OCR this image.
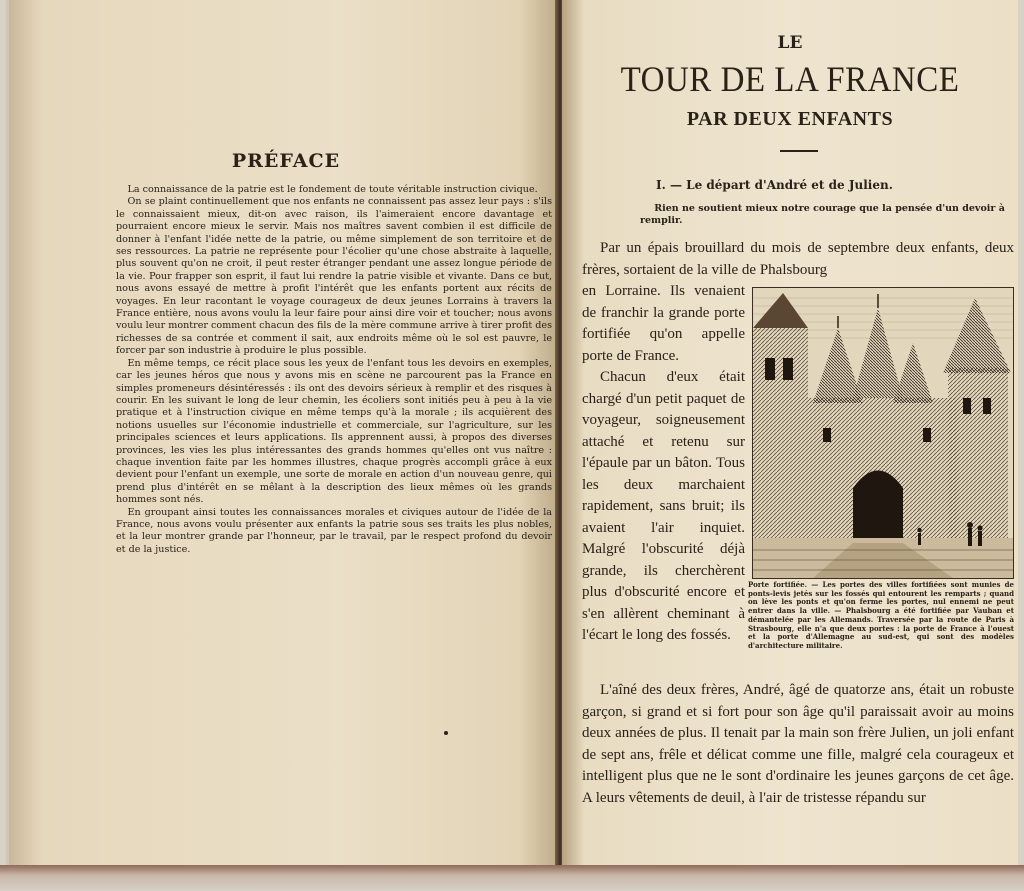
PRÉFACE

La connaissance de la patrie est le fondement de toute véritable instruction civique.

On se plaint continuellement que nos enfants ne connaissent pas assez leur pays : s'ils le connaissaient mieux, dit-on avec raison, ils l'aimeraient encore davantage et pourraient encore mieux le servir. Mais nos maîtres savent combien il est difficile de donner à l'enfant l'idée nette de la patrie, ou même simplement de son territoire et de ses ressources. La patrie ne représente pour l'écolier qu'une chose abstraite à laquelle, plus souvent qu'on ne croit, il peut rester étranger pendant une assez longue période de la vie. Pour frapper son esprit, il faut lui rendre la patrie visible et vivante. Dans ce but, nous avons essayé de mettre à profit l'intérêt que les enfants portent aux récits de voyages. En leur racontant le voyage courageux de deux jeunes Lorrains à travers la France entière, nous avons voulu la leur faire pour ainsi dire voir et toucher; nous avons voulu leur montrer comment chacun des fils de la mère commune arrive à tirer profit des richesses de sa contrée et comment il sait, aux endroits même où le sol est pauvre, le forcer par son industrie à produire le plus possible.

En même temps, ce récit place sous les yeux de l'enfant tous les devoirs en exemples, car les jeunes héros que nous y avons mis en scène ne parcourent pas la France en simples promeneurs désintéressés : ils ont des devoirs sérieux à remplir et des risques à courir. En les suivant le long de leur chemin, les écoliers sont initiés peu à peu à la vie pratique et à l'instruction civique en même temps qu'à la morale ; ils acquièrent des notions usuelles sur l'économie industrielle et commerciale, sur l'agriculture, sur les principales sciences et leurs applications. Ils apprennent aussi, à propos des diverses provinces, les vies les plus intéressantes des grands hommes qu'elles ont vus naître : chaque invention faite par les hommes illustres, chaque progrès accompli grâce à eux devient pour l'enfant un exemple, une sorte de morale en action d'un nouveau genre, qui prend plus d'intérêt en se mêlant à la description des lieux mêmes où les grands hommes sont nés.

En groupant ainsi toutes les connaissances morales et civiques autour de l'idée de la France, nous avons voulu présenter aux enfants la patrie sous ses traits les plus nobles, et la leur montrer grande par l'honneur, par le travail, par le respect profond du devoir et de la justice.

LE
TOUR DE LA FRANCE
PAR DEUX ENFANTS
I. — Le départ d'André et de Julien.
Rien ne soutient mieux notre courage que la pensée d'un devoir à remplir.

Par un épais brouillard du mois de septembre deux enfants, deux frères, sortaient de la ville de Phalsbourg

en Lorraine. Ils venaient de franchir la grande porte fortifiée qu'on appelle porte de France.

Chacun d'eux était chargé d'un petit paquet de voyageur, soigneusement attaché et retenu sur l'épaule par un bâton. Tous les deux marchaient rapidement, sans bruit; ils avaient l'air inquiet. Malgré l'obscurité déjà grande, ils cherchèrent plus d'obscurité encore et s'en allèrent cheminant à l'écart le long des fossés.

Porte fortifiée. — Les portes des villes fortifiées sont munies de ponts-levis jetés sur les fossés qui entourent les remparts ; quand on lève les ponts et qu'on ferme les portes, nul ennemi ne peut entrer dans la ville. — Phalsbourg a été fortifiée par Vauban et démantelée par les Allemands. Traversée par la route de Paris à Strasbourg, elle n'a que deux portes : la porte de France à l'ouest et la porte d'Allemagne au sud-est, qui sont des modèles d'architecture militaire.

L'aîné des deux frères, André, âgé de quatorze ans, était un robuste garçon, si grand et si fort pour son âge qu'il paraissait avoir au moins deux années de plus. Il tenait par la main son frère Julien, un joli enfant de sept ans, frêle et délicat comme une fille, malgré cela courageux et intelligent plus que ne le sont d'ordinaire les jeunes garçons de cet âge. A leurs vêtements de deuil, à l'air de tristesse répandu sur
